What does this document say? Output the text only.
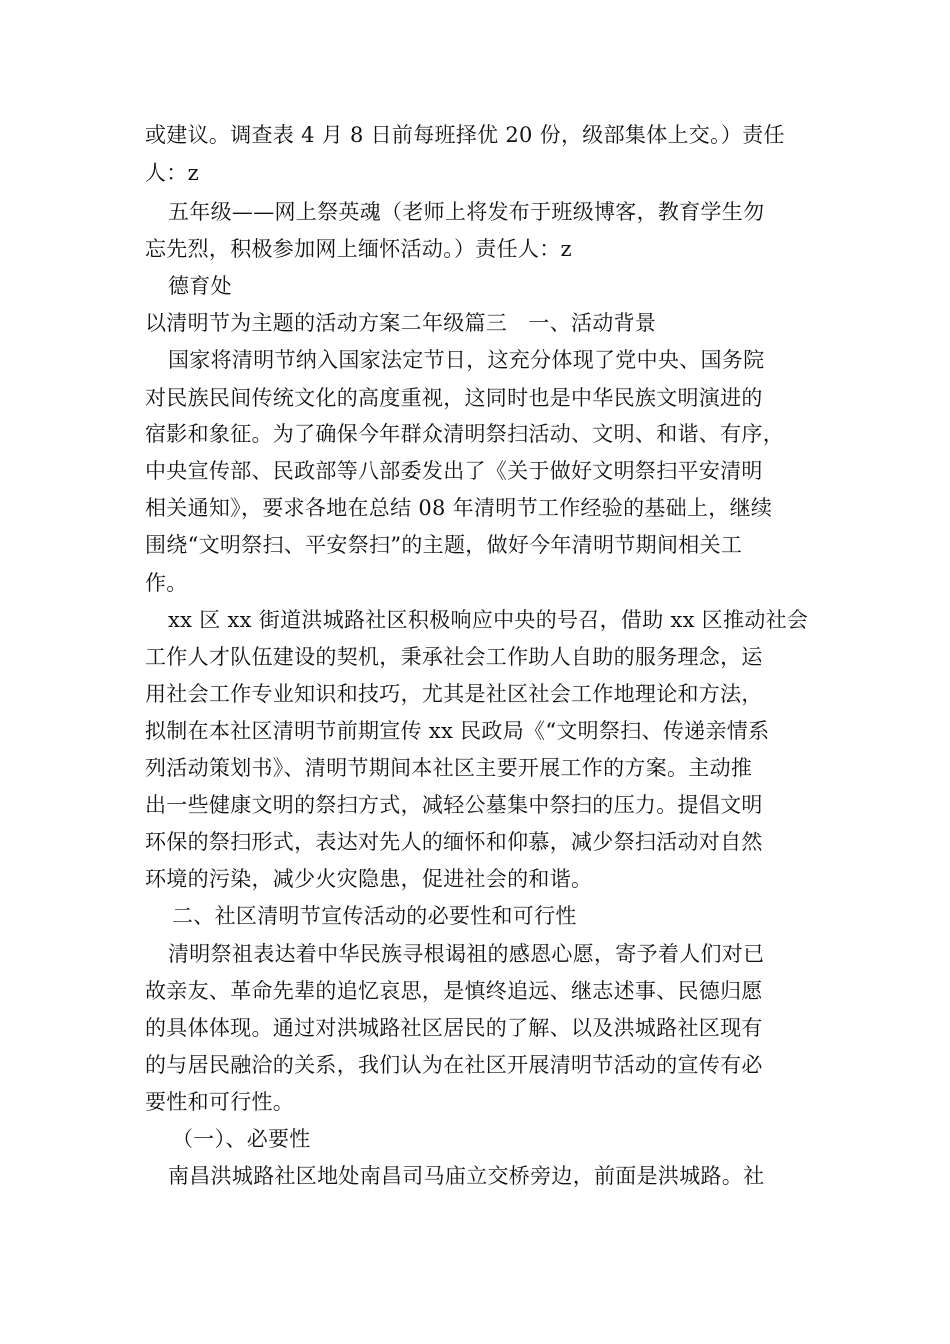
或建议。调查表 4 月 8 日前每班择优 20 份，级部集体上交。）责任
人：z
五年级——网上祭英魂（老师上将发布于班级博客，教育学生勿
忘先烈，积极参加网上缅怀活动。）责任人：z
德育处
以清明节为主题的活动方案二年级篇三　一、活动背景
国家将清明节纳入国家法定节日，这充分体现了党中央、国务院
对民族民间传统文化的高度重视，这同时也是中华民族文明演进的
宿影和象征。为了确保今年群众清明祭扫活动、文明、和谐、有序，
中央宣传部、民政部等八部委发出了《关于做好文明祭扫平安清明
相关通知》，要求各地在总结 08 年清明节工作经验的基础上，继续
围绕“文明祭扫、平安祭扫”的主题，做好今年清明节期间相关工
作。
xx 区 xx 街道洪城路社区积极响应中央的号召，借助 xx 区推动社会
工作人才队伍建设的契机，秉承社会工作助人自助的服务理念，运
用社会工作专业知识和技巧，尤其是社区社会工作地理论和方法，
拟制在本社区清明节前期宣传 xx 民政局《“文明祭扫、传递亲情系
列活动策划书》、清明节期间本社区主要开展工作的方案。主动推
出一些健康文明的祭扫方式，减轻公墓集中祭扫的压力。提倡文明
环保的祭扫形式，表达对先人的缅怀和仰慕，减少祭扫活动对自然
环境的污染，减少火灾隐患，促进社会的和谐。
二、社区清明节宣传活动的必要性和可行性
清明祭祖表达着中华民族寻根谒祖的感恩心愿，寄予着人们对已
故亲友、革命先辈的追忆哀思，是慎终追远、继志述事、民德归愿
的具体体现。通过对洪城路社区居民的了解、以及洪城路社区现有
的与居民融洽的关系，我们认为在社区开展清明节活动的宣传有必
要性和可行性。
（一）、必要性
南昌洪城路社区地处南昌司马庙立交桥旁边，前面是洪城路。社
